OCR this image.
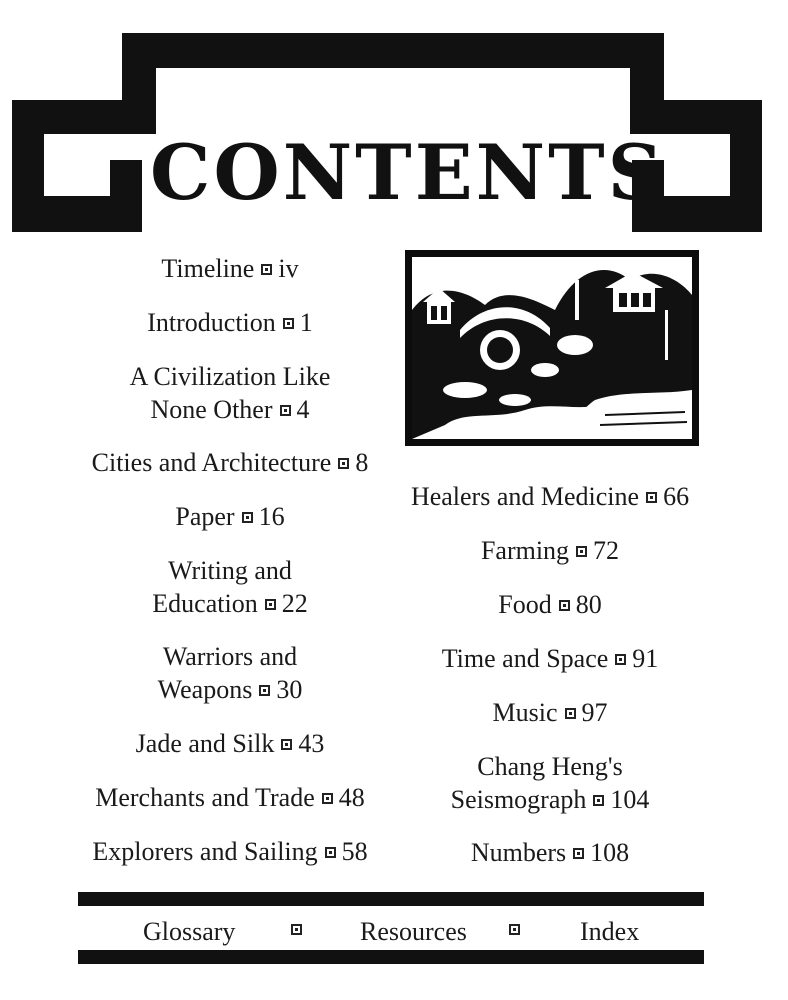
CONTENTS
Timeline iv
Introduction 1
A Civilization Like
None Other 4
Cities and Architecture 8
Paper 16
Writing and
Education 22
Warriors and
Weapons 30
Jade and Silk 43
Merchants and Trade 48
Explorers and Sailing 58
Healers and Medicine 66
Farming 72
Food 80
Time and Space 91
Music 97
Chang Heng's
Seismograph 104
Numbers 108
Glossary	Resources	Index
